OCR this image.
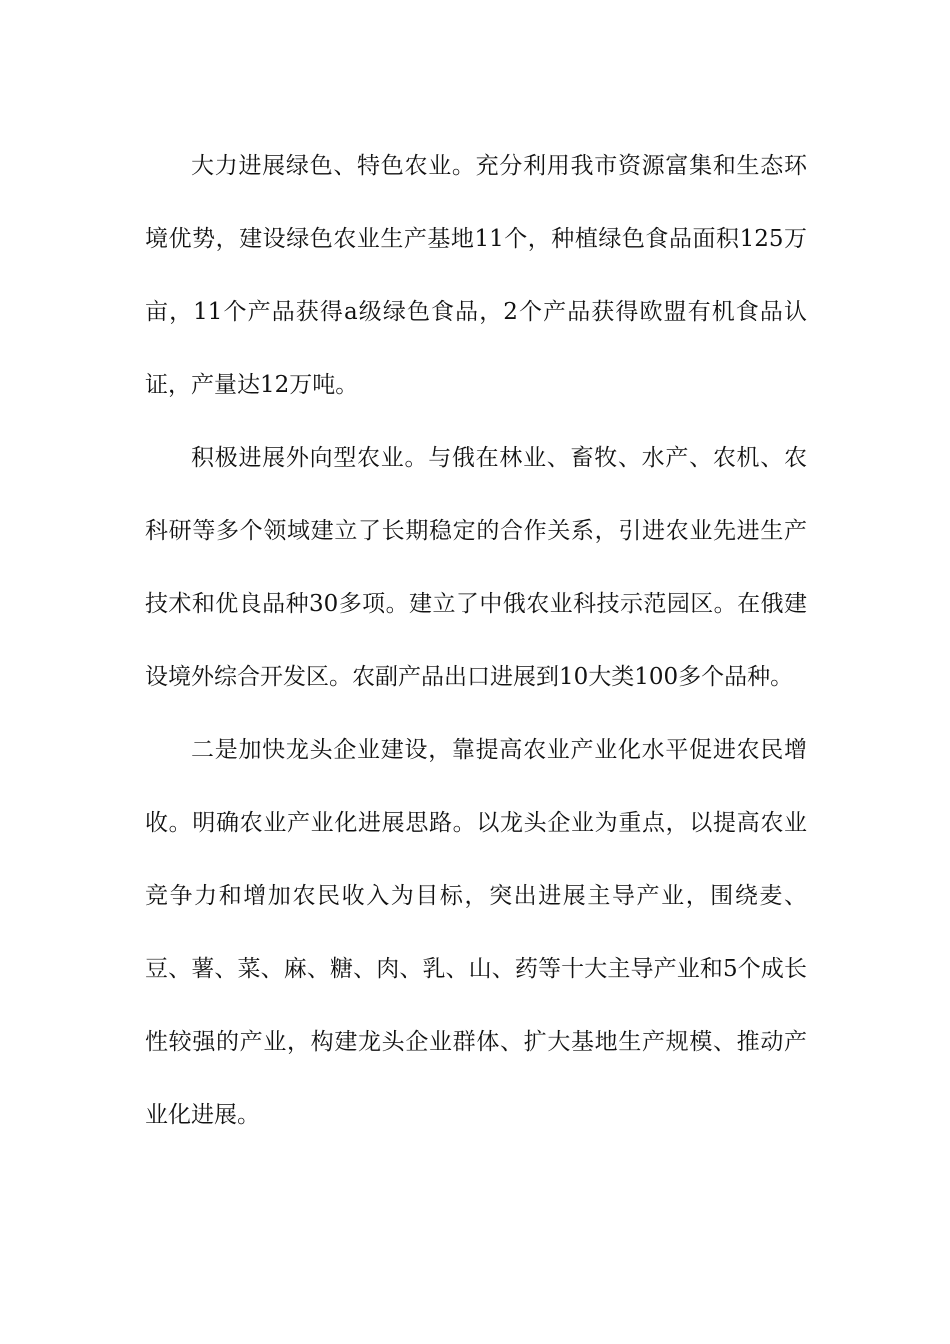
大力进展绿色、特色农业。充分利用我市资源富集和生态环境优势，建设绿色农业生产基地11个，种植绿色食品面积125万亩，11个产品获得a级绿色食品，2个产品获得欧盟有机食品认证，产量达12万吨。

积极进展外向型农业。与俄在林业、畜牧、水产、农机、农科研等多个领域建立了长期稳定的合作关系，引进农业先进生产技术和优良品种30多项。建立了中俄农业科技示范园区。在俄建设境外综合开发区。农副产品出口进展到10大类100多个品种。

二是加快龙头企业建设，靠提高农业产业化水平促进农民增收。明确农业产业化进展思路。以龙头企业为重点，以提高农业竞争力和增加农民收入为目标，突出进展主导产业，围绕麦、豆、薯、菜、麻、糖、肉、乳、山、药等十大主导产业和5个成长性较强的产业，构建龙头企业群体、扩大基地生产规模、推动产业化进展。
